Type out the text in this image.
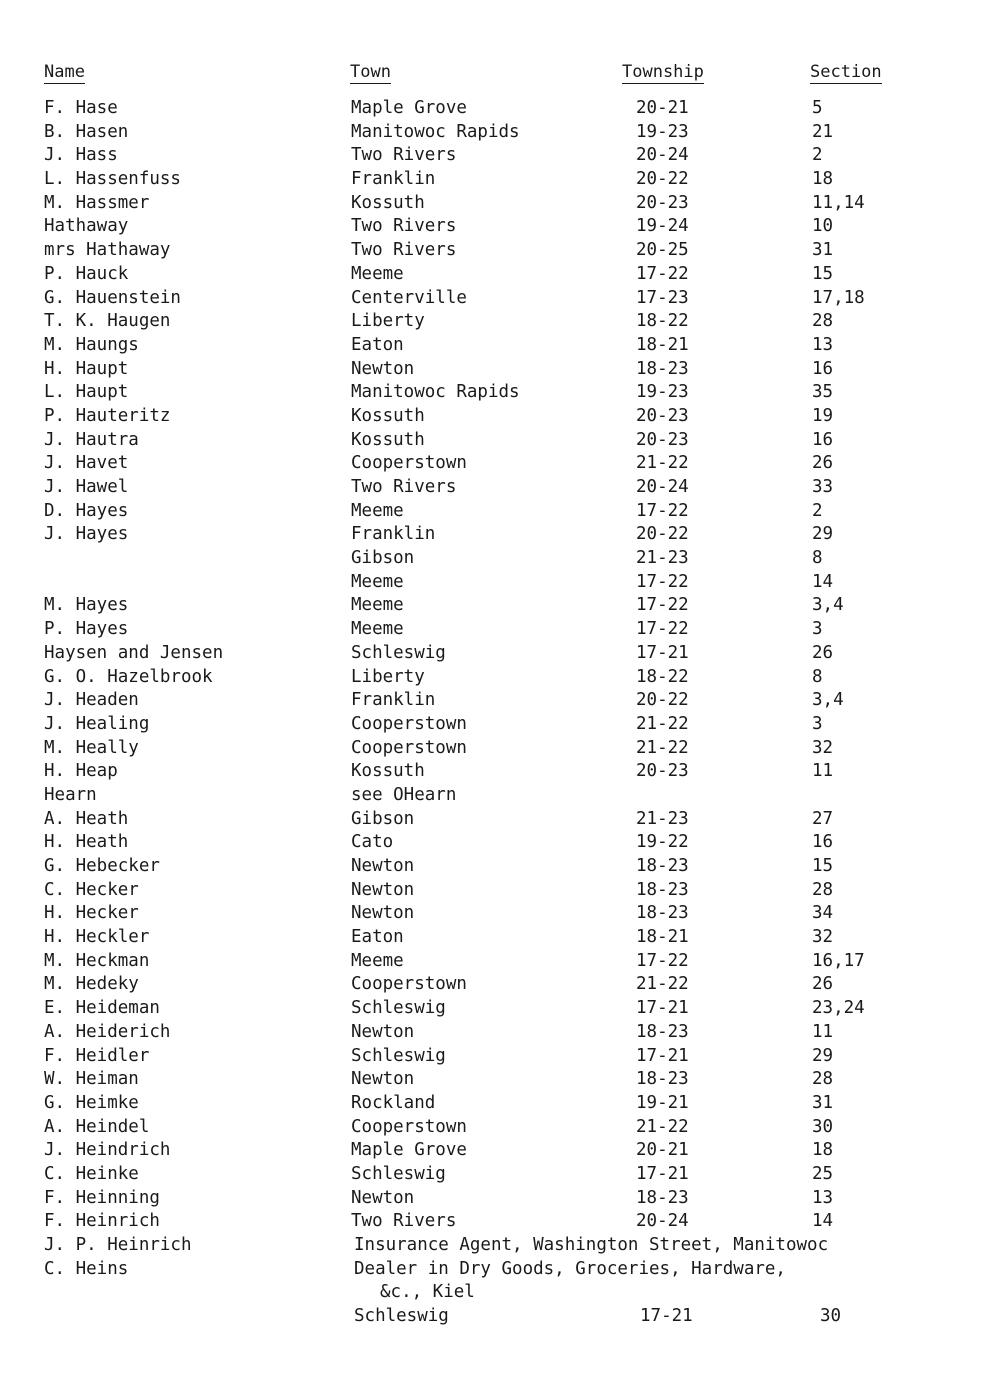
Name	Town	Township	Section
F. Hase	Maple Grove	20-21	5
B. Hasen	Manitowoc Rapids	19-23	21
J. Hass	Two Rivers	20-24	2
L. Hassenfuss	Franklin	20-22	18
M. Hassmer	Kossuth	20-23	11,14
Hathaway	Two Rivers	19-24	10
mrs Hathaway	Two Rivers	20-25	31
P. Hauck	Meeme	17-22	15
G. Hauenstein	Centerville	17-23	17,18
T. K. Haugen	Liberty	18-22	28
M. Haungs	Eaton	18-21	13
H. Haupt	Newton	18-23	16
L. Haupt	Manitowoc Rapids	19-23	35
P. Hauteritz	Kossuth	20-23	19
J. Hautra	Kossuth	20-23	16
J. Havet	Cooperstown	21-22	26
J. Hawel	Two Rivers	20-24	33
D. Hayes	Meeme	17-22	2
J. Hayes	Franklin	20-22	29
Gibson	21-23	8
Meeme	17-22	14
M. Hayes	Meeme	17-22	3,4
P. Hayes	Meeme	17-22	3
Haysen and Jensen	Schleswig	17-21	26
G. O. Hazelbrook	Liberty	18-22	8
J. Headen	Franklin	20-22	3,4
J. Healing	Cooperstown	21-22	3
M. Heally	Cooperstown	21-22	32
H. Heap	Kossuth	20-23	11
Hearn	see OHearn
A. Heath	Gibson	21-23	27
H. Heath	Cato	19-22	16
G. Hebecker	Newton	18-23	15
C. Hecker	Newton	18-23	28
H. Hecker	Newton	18-23	34
H. Heckler	Eaton	18-21	32
M. Heckman	Meeme	17-22	16,17
M. Hedeky	Cooperstown	21-22	26
E. Heideman	Schleswig	17-21	23,24
A. Heiderich	Newton	18-23	11
F. Heidler	Schleswig	17-21	29
W. Heiman	Newton	18-23	28
G. Heimke	Rockland	19-21	31
A. Heindel	Cooperstown	21-22	30
J. Heindrich	Maple Grove	20-21	18
C. Heinke	Schleswig	17-21	25
F. Heinning	Newton	18-23	13
F. Heinrich	Two Rivers	20-24	14
J. P. Heinrich	Insurance Agent, Washington Street, Manitowoc
C. Heins	Dealer in Dry Goods, Groceries, Hardware,
&c., Kiel
Schleswig	17-21	30
